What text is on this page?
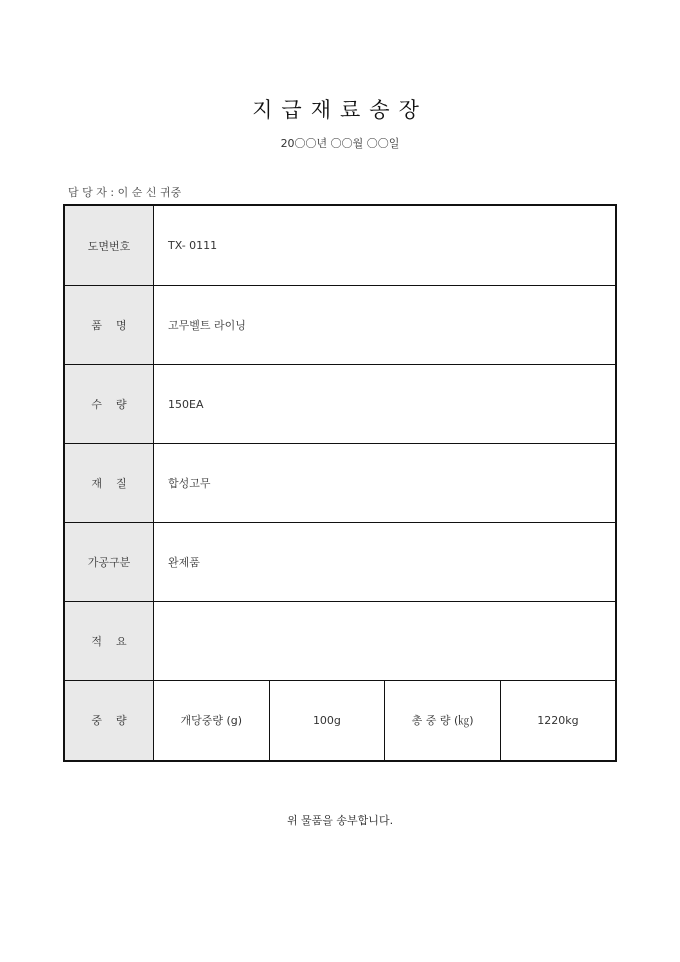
지급재료송장
20〇〇년 〇〇월 〇〇일
담 당 자 : 이 순 신 귀중
도면번호	TX- 0111			
품    명	고무벨트 라이닝			
수    량	150EA			
재    질	합성고무			
가공구분	완제품			
적    요				
중    량	개당중량 (g)	100g	총 중 량 (㎏)	1220kg
위 물품을 송부합니다.
